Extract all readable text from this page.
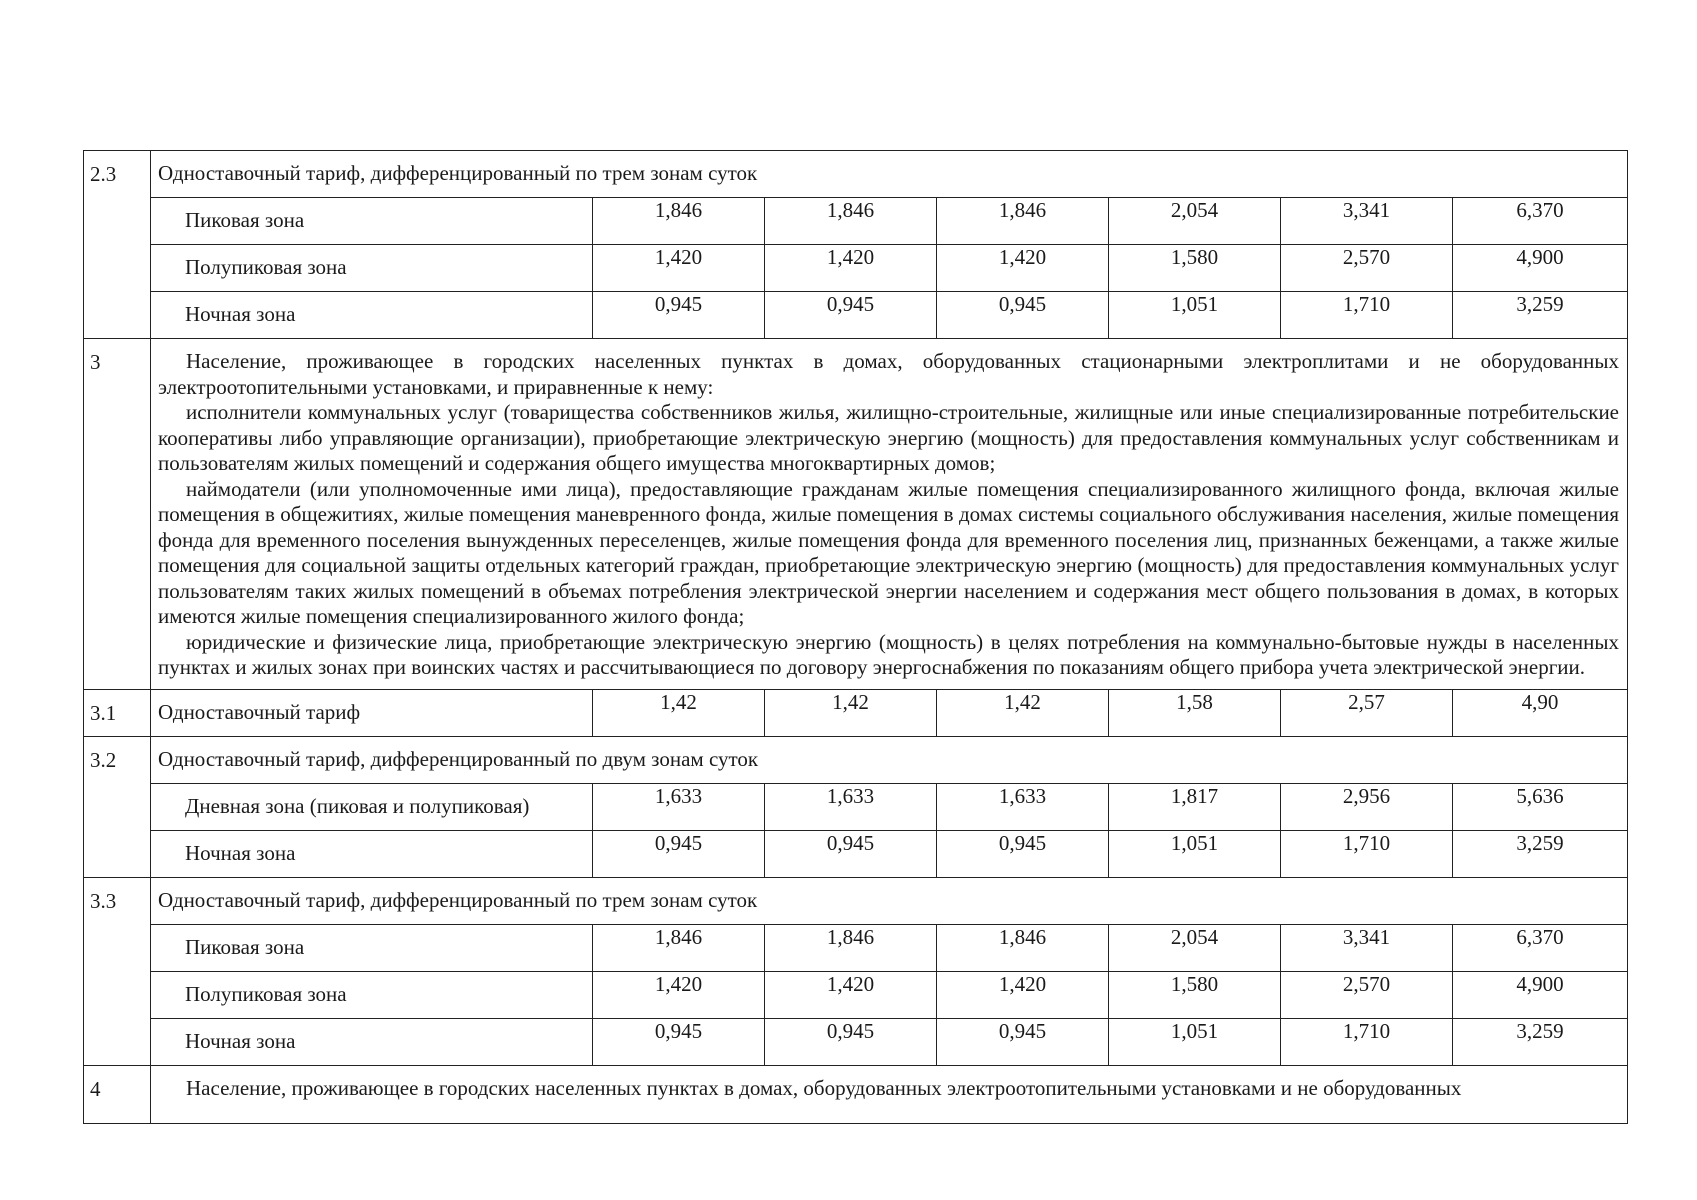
2.3	Одноставочный тариф, дифференцированный по трем зонам суток						
	Пиковая зона	1,846	1,846	1,846	2,054	3,341	6,370
	Полупиковая зона	1,420	1,420	1,420	1,580	2,570	4,900
	Ночная зона	0,945	0,945	0,945	1,051	1,710	3,259
3	Население, проживающее в городских населенных пунктах в домах, оборудованных стационарными электроплитами и не оборудованных электроотопительными установками, и приравненные к нему:

исполнители коммунальных услуг (товарищества собственников жилья, жилищно-строительные, жилищные или иные специализированные потребительские кооперативы либо управляющие организации), приобретающие электрическую энергию (мощность) для предоставления коммунальных услуг собственникам и пользователям жилых помещений и содержания общего имущества многоквартирных домов;

наймодатели (или уполномоченные ими лица), предоставляющие гражданам жилые помещения специализированного жилищного фонда, включая жилые помещения в общежитиях, жилые помещения маневренного фонда, жилые помещения в домах системы социального обслуживания населения, жилые помещения фонда для временного поселения вынужденных переселенцев, жилые помещения фонда для временного поселения лиц, признанных беженцами, а также жилые помещения для социальной защиты отдельных категорий граждан, приобретающие электрическую энергию (мощность) для предоставления коммунальных услуг пользователям таких жилых помещений в объемах потребления электрической энергии населением и содержания мест общего пользования в домах, в которых имеются жилые помещения специализированного жилого фонда;

юридические и физические лица, приобретающие электрическую энергию (мощность) в целях потребления на коммунально-бытовые нужды в населенных пунктах и жилых зонах при воинских частях и рассчитывающиеся по договору энергоснабжения по показаниям общего прибора учета электрической энергии.						

3.1	Одноставочный тариф	1,42	1,42	1,42	1,58	2,57	4,90
3.2	Одноставочный тариф, дифференцированный по двум зонам суток						
	Дневная зона (пиковая и полупиковая)	1,633	1,633	1,633	1,817	2,956	5,636
	Ночная зона	0,945	0,945	0,945	1,051	1,710	3,259
3.3	Одноставочный тариф, дифференцированный по трем зонам суток						
	Пиковая зона	1,846	1,846	1,846	2,054	3,341	6,370
	Полупиковая зона	1,420	1,420	1,420	1,580	2,570	4,900
	Ночная зона	0,945	0,945	0,945	1,051	1,710	3,259
4	Население, проживающее в городских населенных пунктах в домах, оборудованных электроотопительными установками и не оборудованных						
